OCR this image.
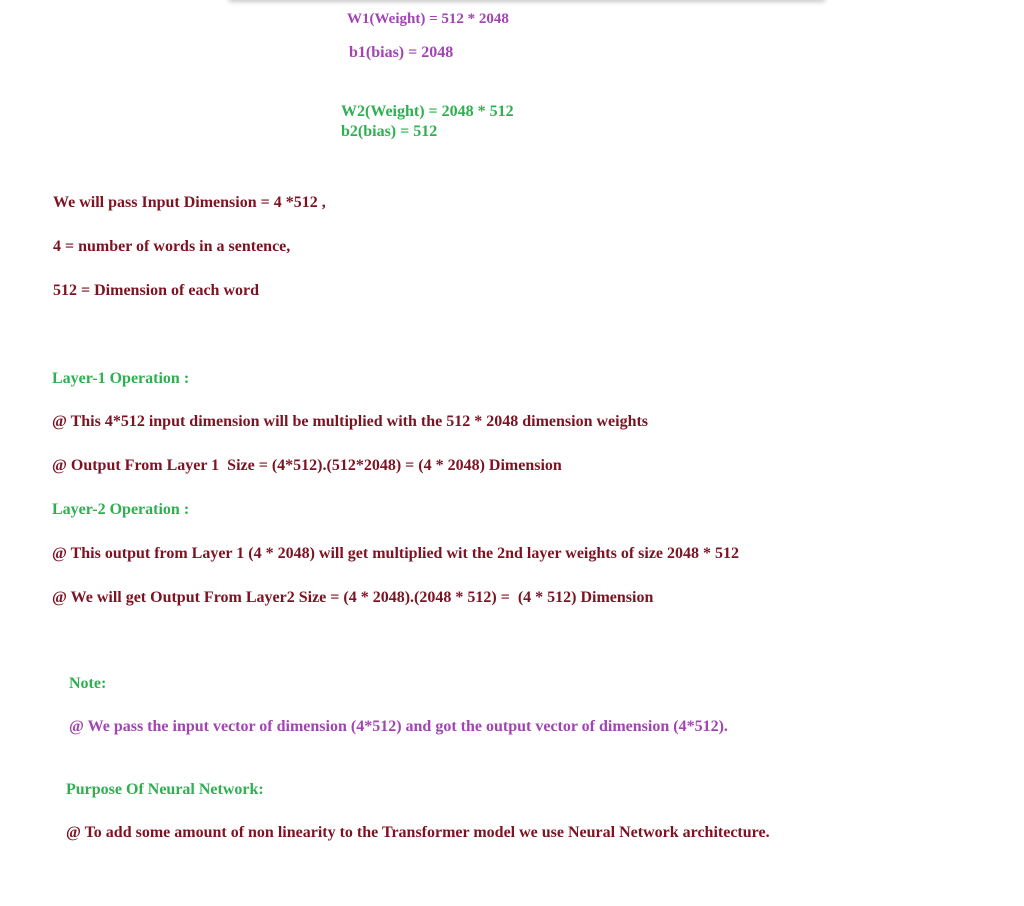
W1(Weight) = 512 * 2048
b1(bias) = 2048
W2(Weight) = 2048 * 512
b2(bias) = 512
We will pass Input Dimension = 4 *512 ,
4 = number of words in a sentence,
512 = Dimension of each word
Layer-1 Operation :
@ This 4*512 input dimension will be multiplied with the 512 * 2048 dimension weights
@ Output From Layer 1  Size = (4*512).(512*2048) = (4 * 2048) Dimension
Layer-2 Operation :
@ This output from Layer 1 (4 * 2048) will get multiplied wit the 2nd layer weights of size 2048 * 512
@ We will get Output From Layer2 Size = (4 * 2048).(2048 * 512) =  (4 * 512) Dimension
Note:
@ We pass the input vector of dimension (4*512) and got the output vector of dimension (4*512).
Purpose Of Neural Network:
@ To add some amount of non linearity to the Transformer model we use Neural Network architecture.
